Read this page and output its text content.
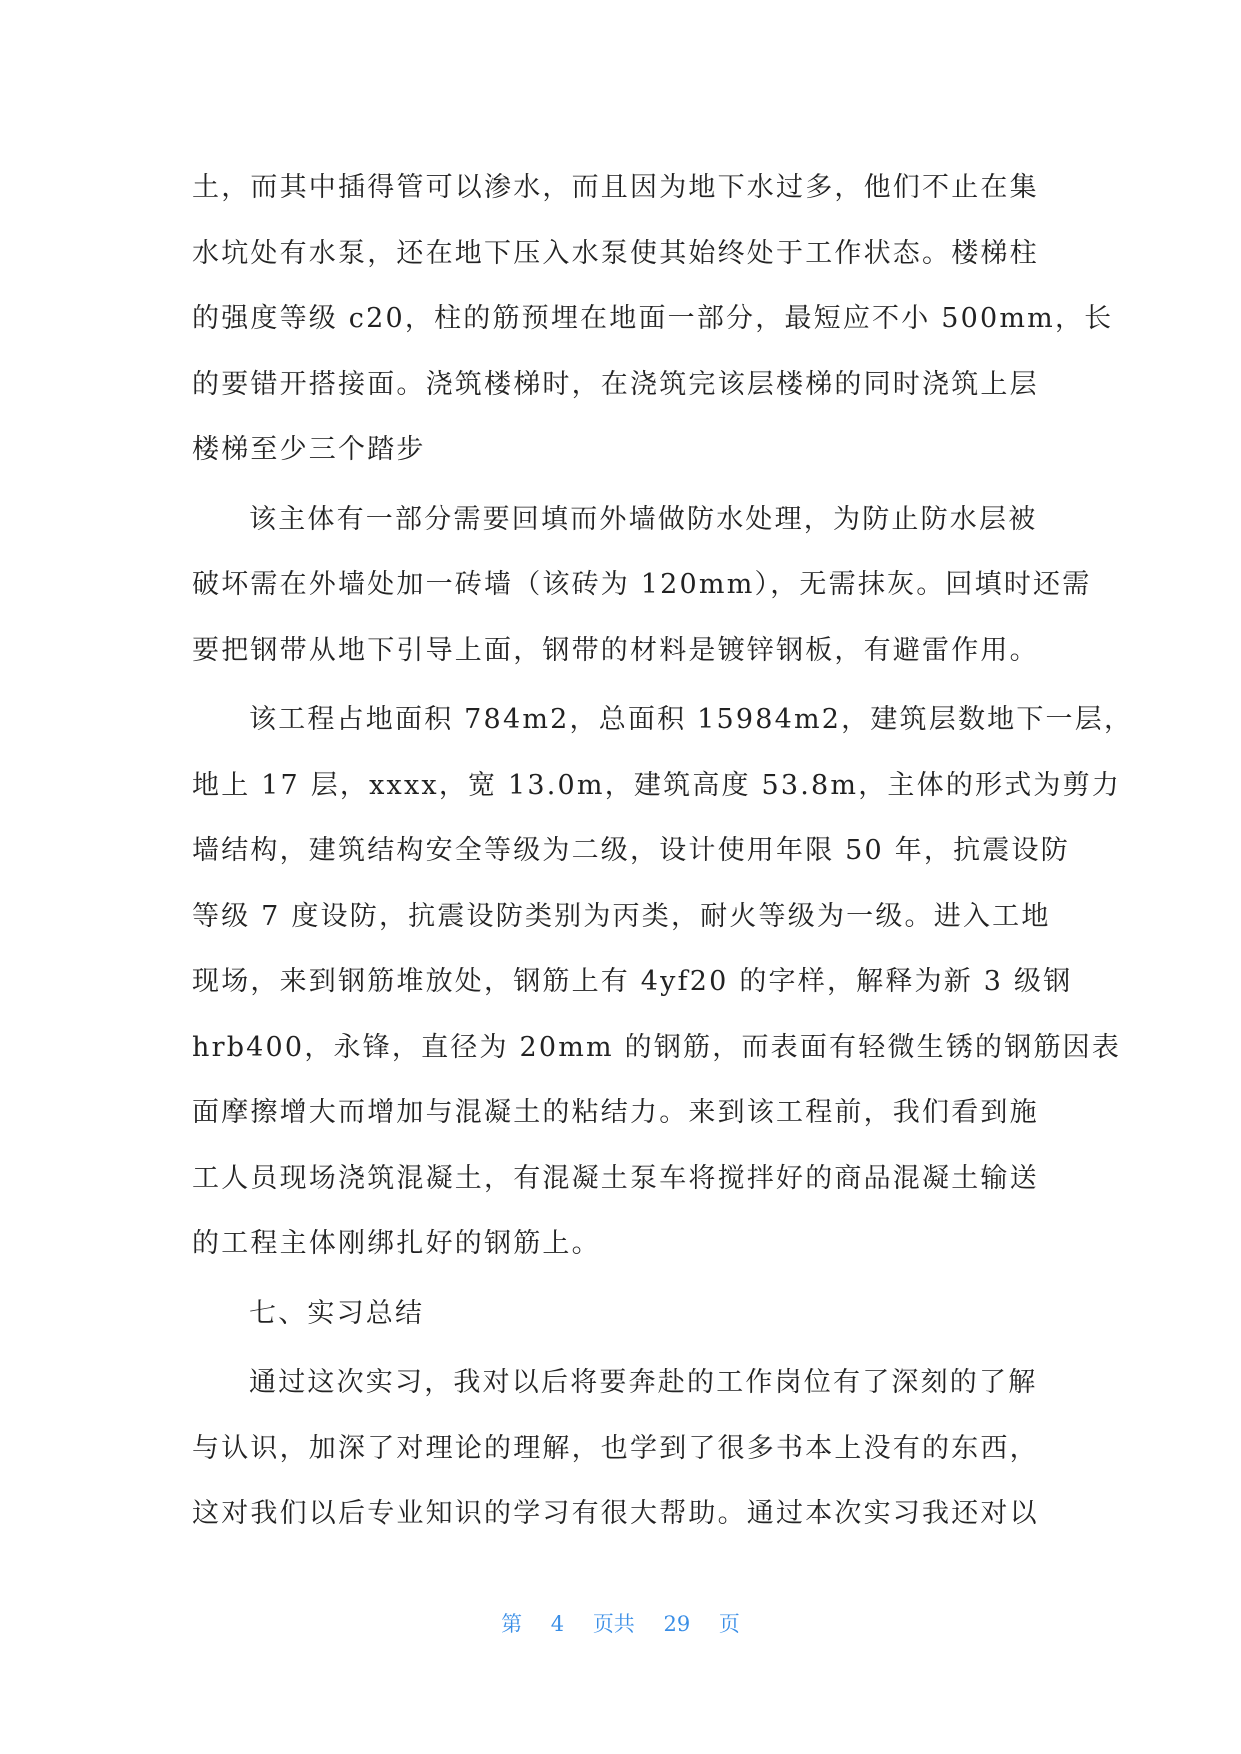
土，而其中插得管可以渗水，而且因为地下水过多，他们不止在集
水坑处有水泵，还在地下压入水泵使其始终处于工作状态。楼梯柱
的强度等级 c20，柱的筋预埋在地面一部分，最短应不小 500mm，长
的要错开搭接面。浇筑楼梯时，在浇筑完该层楼梯的同时浇筑上层
楼梯至少三个踏步

该主体有一部分需要回填而外墙做防水处理，为防止防水层被
破坏需在外墙处加一砖墙（该砖为 120mm），无需抹灰。回填时还需
要把钢带从地下引导上面，钢带的材料是镀锌钢板，有避雷作用。

该工程占地面积 784m2，总面积 15984m2，建筑层数地下一层，
地上 17 层，xxxx，宽 13.0m，建筑高度 53.8m，主体的形式为剪力
墙结构，建筑结构安全等级为二级，设计使用年限 50 年，抗震设防
等级 7 度设防，抗震设防类别为丙类，耐火等级为一级。进入工地
现场，来到钢筋堆放处，钢筋上有 4yf20 的字样，解释为新 3 级钢
hrb400，永锋，直径为 20mm 的钢筋，而表面有轻微生锈的钢筋因表
面摩擦增大而增加与混凝土的粘结力。来到该工程前，我们看到施
工人员现场浇筑混凝土，有混凝土泵车将搅拌好的商品混凝土输送
的工程主体刚绑扎好的钢筋上。

七、实习总结

通过这次实习，我对以后将要奔赴的工作岗位有了深刻的了解
与认识，加深了对理论的理解，也学到了很多书本上没有的东西，
这对我们以后专业知识的学习有很大帮助。通过本次实习我还对以

第 4 页共 29 页
